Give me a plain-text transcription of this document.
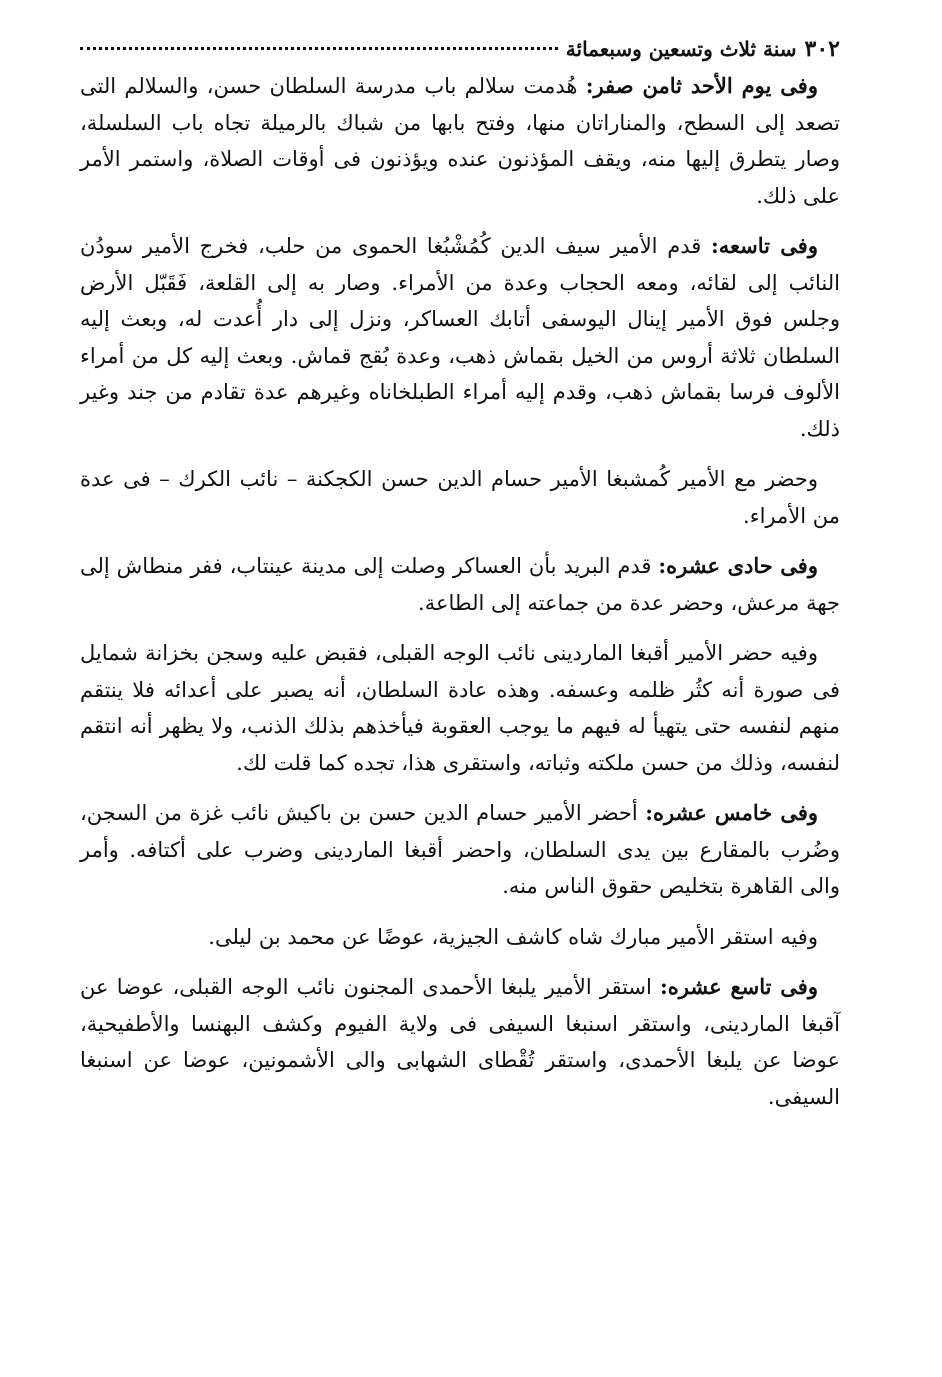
٣٠٢
سنة ثلاث وتسعين وسبعمائة

وفى يوم الأحد ثامن صفر: هُدمت سلالم باب مدرسة السلطان حسن، والسلالم التى تصعد إلى السطح، والمناراتان منها، وفتح بابها من شباك بالرميلة تجاه باب السلسلة، وصار يتطرق إليها منه، ويقف المؤذنون عنده ويؤذنون فى أوقات الصلاة، واستمر الأمر على ذلك.

وفى تاسعه: قدم الأمير سيف الدين كُمُشْبُغا الحموى من حلب، فخرج الأمير سودُن النائب إلى لقائه، ومعه الحجاب وعدة من الأمراء. وصار به إلى القلعة، فَقَبّل الأرض وجلس فوق الأمير إينال اليوسفى أتابك العساكر، ونزل إلى دار أُعدت له، وبعث إليه السلطان ثلاثة أروس من الخيل بقماش ذهب، وعدة بُقج قماش. وبعث إليه كل من أمراء الألوف فرسا بقماش ذهب، وقدم إليه أمراء الطبلخاناه وغيرهم عدة تقادم من جند وغير ذلك.

وحضر مع الأمير كُمشبغا الأمير حسام الدين حسن الكجكنة – نائب الكرك – فى عدة من الأمراء.

وفى حادى عشره: قدم البريد بأن العساكر وصلت إلى مدينة عينتاب، ففر منطاش إلى جهة مرعش، وحضر عدة من جماعته إلى الطاعة.

وفيه حضر الأمير أقبغا الماردينى نائب الوجه القبلى، فقبض عليه وسجن بخزانة شمايل فى صورة أنه كثُر ظلمه وعسفه. وهذه عادة السلطان، أنه يصبر على أعدائه فلا ينتقم منهم لنفسه حتى يتهيأ له فيهم ما يوجب العقوبة فيأخذهم بذلك الذنب، ولا يظهر أنه انتقم لنفسه، وذلك من حسن ملكته وثباته، واستقرى هذا، تجده كما قلت لك.

وفى خامس عشره: أحضر الأمير حسام الدين حسن بن باكيش نائب غزة من السجن، وضُرب بالمقارع بين يدى السلطان، واحضر أقبغا الماردينى وضرب على أكتافه. وأمر والى القاهرة بتخليص حقوق الناس منه.

وفيه استقر الأمير مبارك شاه كاشف الجيزية، عوضًا عن محمد بن ليلى.

وفى تاسع عشره: استقر الأمير يلبغا الأحمدى المجنون نائب الوجه القبلى، عوضا عن آقبغا الماردينى، واستقر اسنبغا السيفى فى ولاية الفيوم وكشف البهنسا والأطفيحية، عوضا عن يلبغا الأحمدى، واستقر تُقْطاى الشهابى والى الأشمونين، عوضا عن اسنبغا السيفى.
